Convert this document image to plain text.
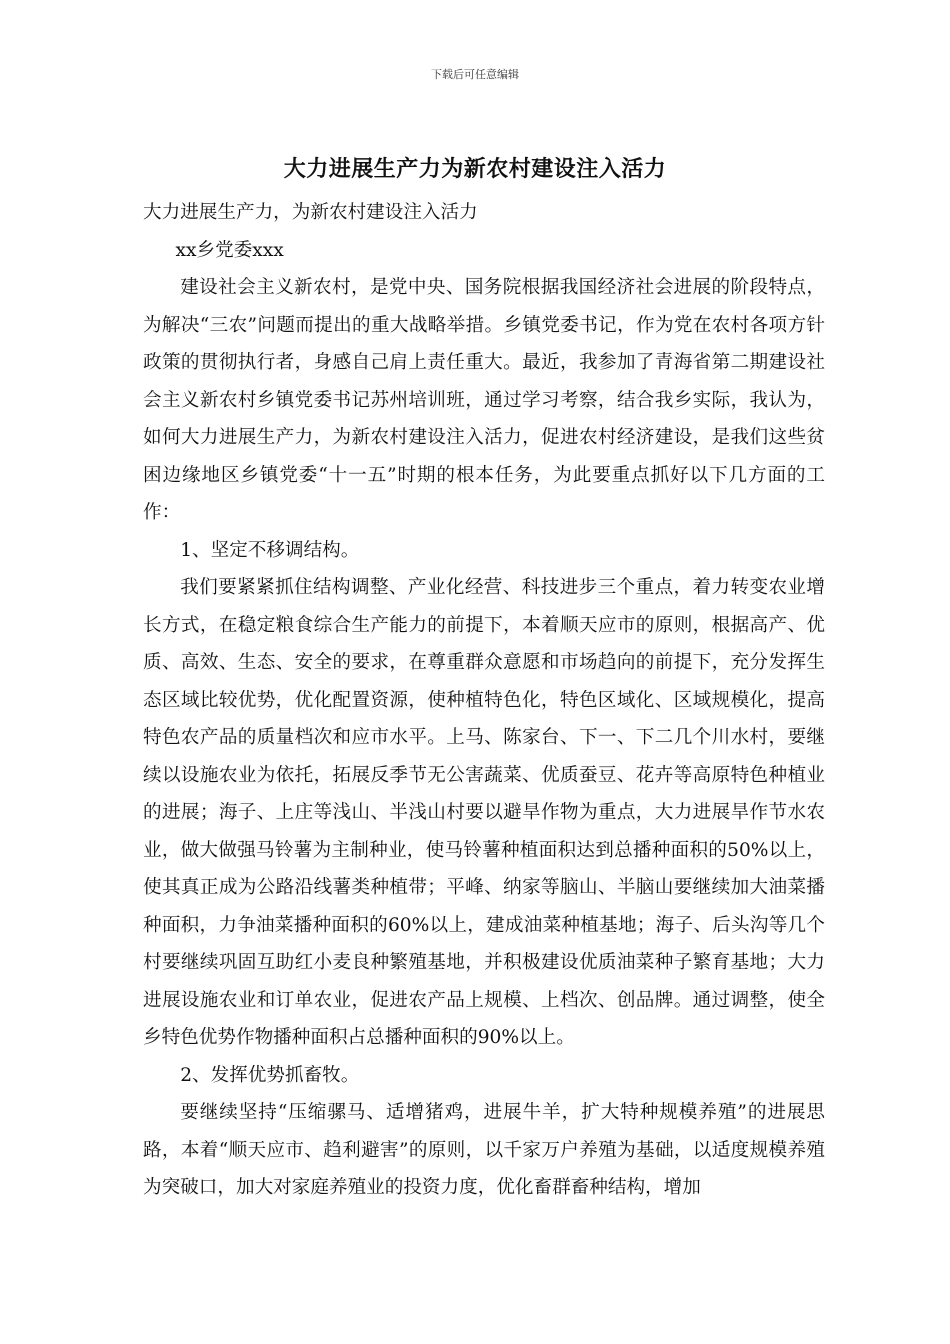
下载后可任意编辑
大力进展生产力为新农村建设注入活力

大力进展生产力，为新农村建设注入活力

xx乡党委xxx

建设社会主义新农村，是党中央、国务院根据我国经济社会进展的阶段特点，为解决“三农”问题而提出的重大战略举措。乡镇党委书记，作为党在农村各项方针政策的贯彻执行者，身感自己肩上责任重大。最近，我参加了青海省第二期建设社会主义新农村乡镇党委书记苏州培训班，通过学习考察，结合我乡实际，我认为，如何大力进展生产力，为新农村建设注入活力，促进农村经济建设，是我们这些贫困边缘地区乡镇党委“十一五”时期的根本任务，为此要重点抓好以下几方面的工作：

1、坚定不移调结构。

我们要紧紧抓住结构调整、产业化经营、科技进步三个重点，着力转变农业增长方式，在稳定粮食综合生产能力的前提下，本着顺天应市的原则，根据高产、优质、高效、生态、安全的要求，在尊重群众意愿和市场趋向的前提下，充分发挥生态区域比较优势，优化配置资源，使种植特色化，特色区域化、区域规模化，提高特色农产品的质量档次和应市水平。上马、陈家台、下一、下二几个川水村，要继续以设施农业为依托，拓展反季节无公害蔬菜、优质蚕豆、花卉等高原特色种植业的进展；海子、上庄等浅山、半浅山村要以避旱作物为重点，大力进展旱作节水农业，做大做强马铃薯为主制种业，使马铃薯种植面积达到总播种面积的50%以上，使其真正成为公路沿线薯类种植带；平峰、纳家等脑山、半脑山要继续加大油菜播种面积，力争油菜播种面积的60%以上，建成油菜种植基地；海子、后头沟等几个村要继续巩固互助红小麦良种繁殖基地，并积极建设优质油菜种子繁育基地；大力进展设施农业和订单农业，促进农产品上规模、上档次、创品牌。通过调整，使全乡特色优势作物播种面积占总播种面积的90%以上。

2、发挥优势抓畜牧。

要继续坚持“压缩骡马、适增猪鸡，进展牛羊，扩大特种规模养殖”的进展思路，本着“顺天应市、趋利避害”的原则，以千家万户养殖为基础，以适度规模养殖为突破口，加大对家庭养殖业的投资力度，优化畜群畜种结构，增加
